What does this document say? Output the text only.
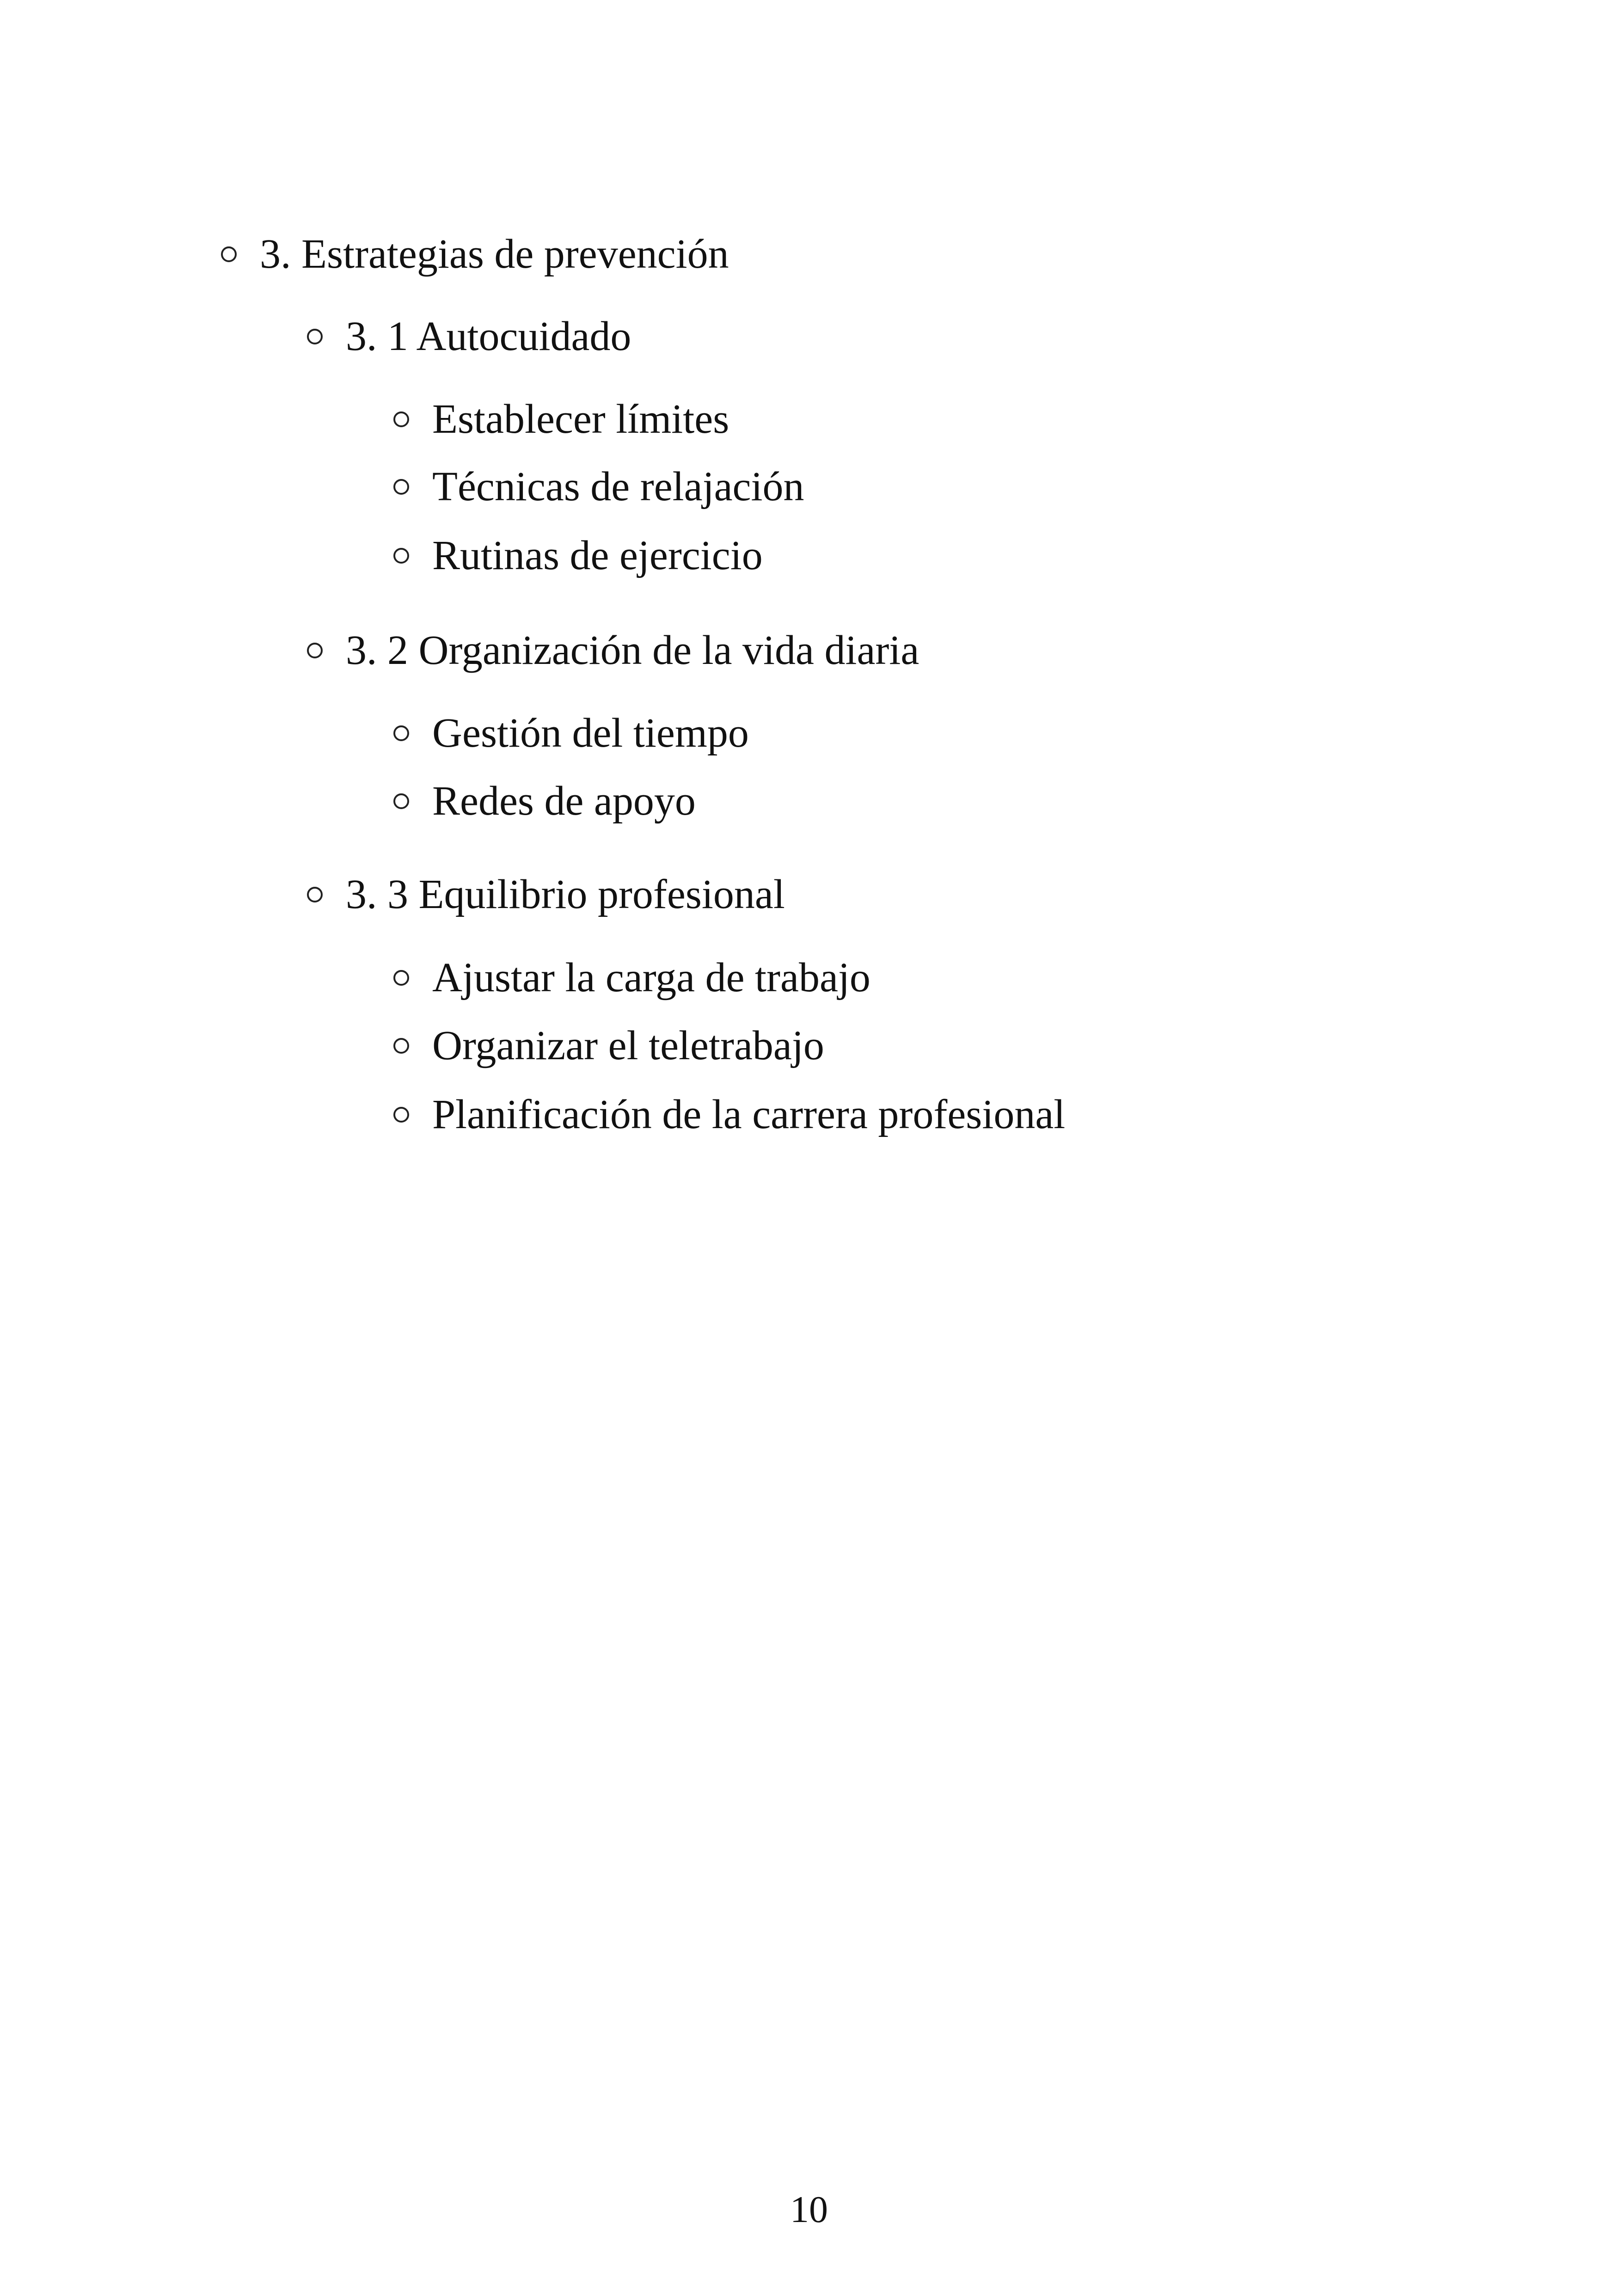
3. Estrategias de prevención
3. 1 Autocuidado
Establecer límites
Técnicas de relajación
Rutinas de ejercicio
3. 2 Organización de la vida diaria
Gestión del tiempo
Redes de apoyo
3. 3 Equilibrio profesional
Ajustar la carga de trabajo
Organizar el teletrabajo
Planificación de la carrera profesional
10
